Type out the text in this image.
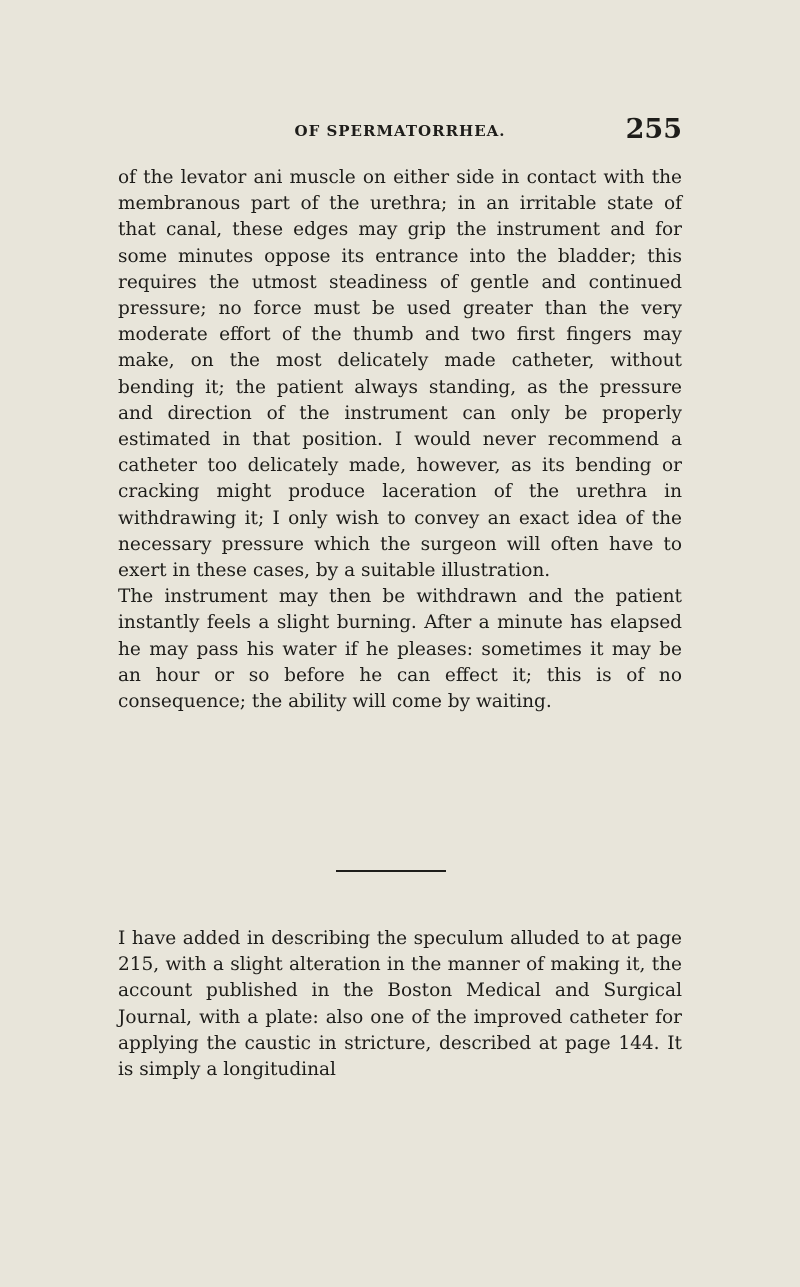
OF SPERMATORRHEA.	255

of the levator ani muscle on either side in contact with the membranous part of the urethra; in an irritable state of that canal, these edges may grip the instrument and for some minutes oppose its entrance into the bladder; this requires the utmost steadiness of gentle and continued pressure; no force must be used greater than the very moderate effort of the thumb and two first fingers may make, on the most delicately made catheter, without bending it; the patient always standing, as the pressure and direction of the instrument can only be properly estimated in that position. I would never recommend a catheter too delicately made, however, as its bending or cracking might produce laceration of the urethra in withdrawing it; I only wish to convey an exact idea of the necessary pressure which the surgeon will often have to exert in these cases, by a suitable illustration.

The instrument may then be withdrawn and the patient instantly feels a slight burning. After a minute has elapsed he may pass his water if he pleases: sometimes it may be an hour or so before he can effect it; this is of no consequence; the ability will come by waiting.

I have added in describing the speculum alluded to at page 215, with a slight alteration in the manner of making it, the account published in the Boston Medical and Surgical Journal, with a plate: also one of the improved catheter for applying the caustic in stricture, described at page 144. It is simply a longitudinal
